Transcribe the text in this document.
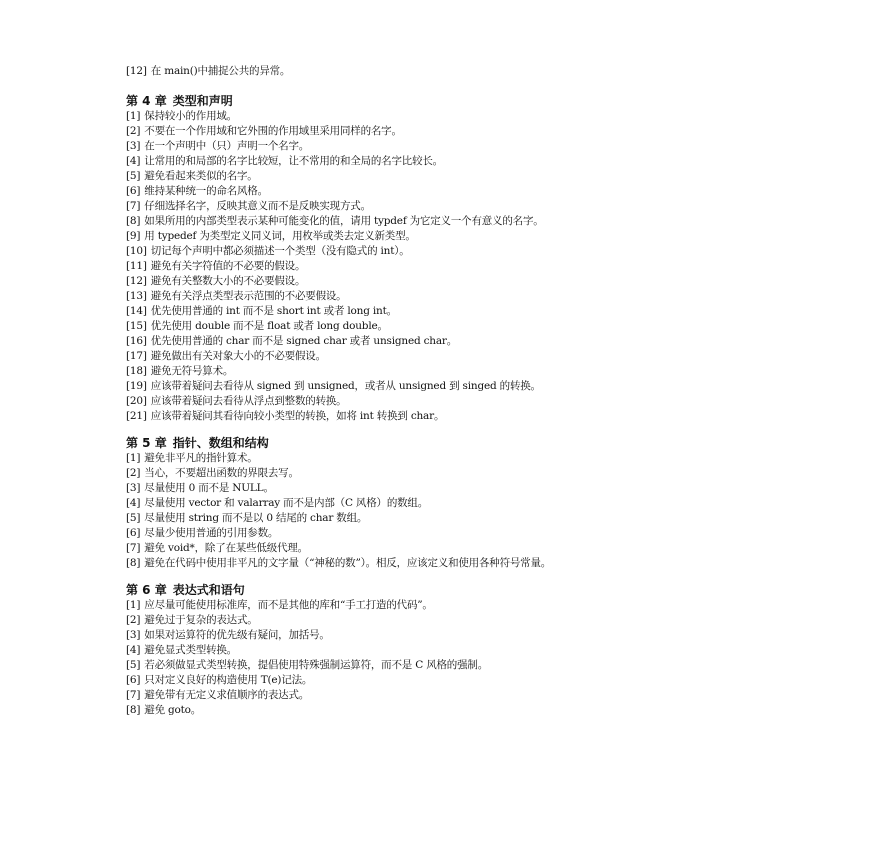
[12] 在 main()中捕捉公共的异常。
第 4 章 类型和声明
[1] 保持较小的作用域。
[2] 不要在一个作用域和它外围的作用域里采用同样的名字。
[3] 在一个声明中（只）声明一个名字。
[4] 让常用的和局部的名字比较短，让不常用的和全局的名字比较长。
[5] 避免看起来类似的名字。
[6] 维持某种统一的命名风格。
[7] 仔细选择名字，反映其意义而不是反映实现方式。
[8] 如果所用的内部类型表示某种可能变化的值，请用 typdef 为它定义一个有意义的名字。
[9] 用 typedef 为类型定义同义词，用枚举或类去定义新类型。
[10] 切记每个声明中都必须描述一个类型（没有隐式的 int）。
[11] 避免有关字符值的不必要的假设。
[12] 避免有关整数大小的不必要假设。
[13] 避免有关浮点类型表示范围的不必要假设。
[14] 优先使用普通的 int 而不是 short int 或者 long int。
[15] 优先使用 double 而不是 float 或者 long double。
[16] 优先使用普通的 char 而不是 signed char 或者 unsigned char。
[17] 避免做出有关对象大小的不必要假设。
[18] 避免无符号算术。
[19] 应该带着疑问去看待从 signed 到 unsigned，或者从 unsigned 到 singed 的转换。
[20] 应该带着疑问去看待从浮点到整数的转换。
[21] 应该带着疑问其看待向较小类型的转换，如将 int 转换到 char。
第 5 章 指针、数组和结构
[1] 避免非平凡的指针算术。
[2] 当心，不要超出函数的界限去写。
[3] 尽量使用 0 而不是 NULL。
[4] 尽量使用 vector 和 valarray 而不是内部（C 风格）的数组。
[5] 尽量使用 string 而不是以 0 结尾的 char 数组。
[6] 尽量少使用普通的引用参数。
[7] 避免 void*，除了在某些低级代理。
[8] 避免在代码中使用非平凡的文字量（“神秘的数”）。相反，应该定义和使用各种符号常量。
第 6 章 表达式和语句
[1] 应尽量可能使用标准库，而不是其他的库和“手工打造的代码”。
[2] 避免过于复杂的表达式。
[3] 如果对运算符的优先级有疑问，加括号。
[4] 避免显式类型转换。
[5] 若必须做显式类型转换，提倡使用特殊强制运算符，而不是 C 风格的强制。
[6] 只对定义良好的构造使用 T(e)记法。
[7] 避免带有无定义求值顺序的表达式。
[8] 避免 goto。
